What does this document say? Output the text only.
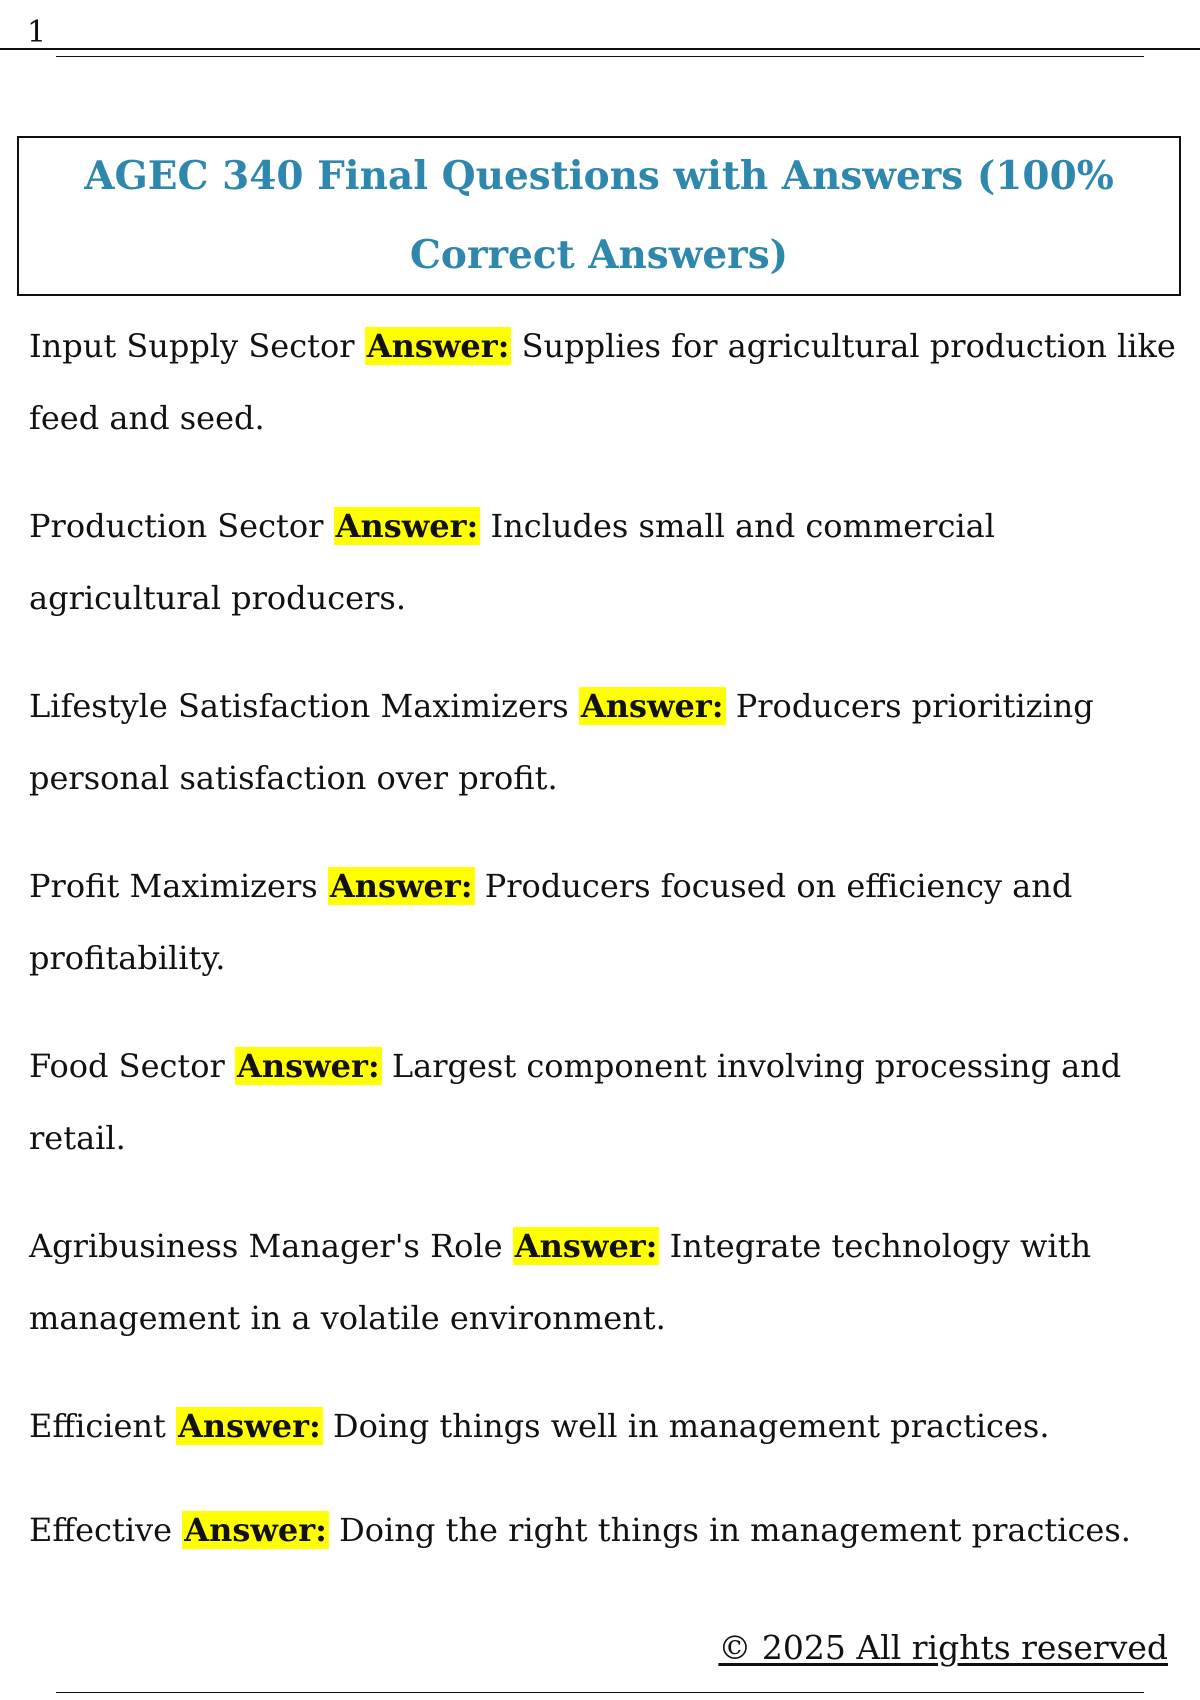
1
AGEC 340 Final Questions with Answers (100% Correct Answers)

Input Supply Sector Answer: Supplies for agricultural production like feed and seed.

Production Sector Answer: Includes small and commercial agricultural producers.

Lifestyle Satisfaction Maximizers Answer: Producers prioritizing personal satisfaction over profit.

Profit Maximizers Answer: Producers focused on efficiency and profitability.

Food Sector Answer: Largest component involving processing and retail.

Agribusiness Manager's Role Answer: Integrate technology with management in a volatile environment.

Efficient Answer: Doing things well in management practices.

Effective Answer: Doing the right things in management practices.

© 2025 All rights reserved
